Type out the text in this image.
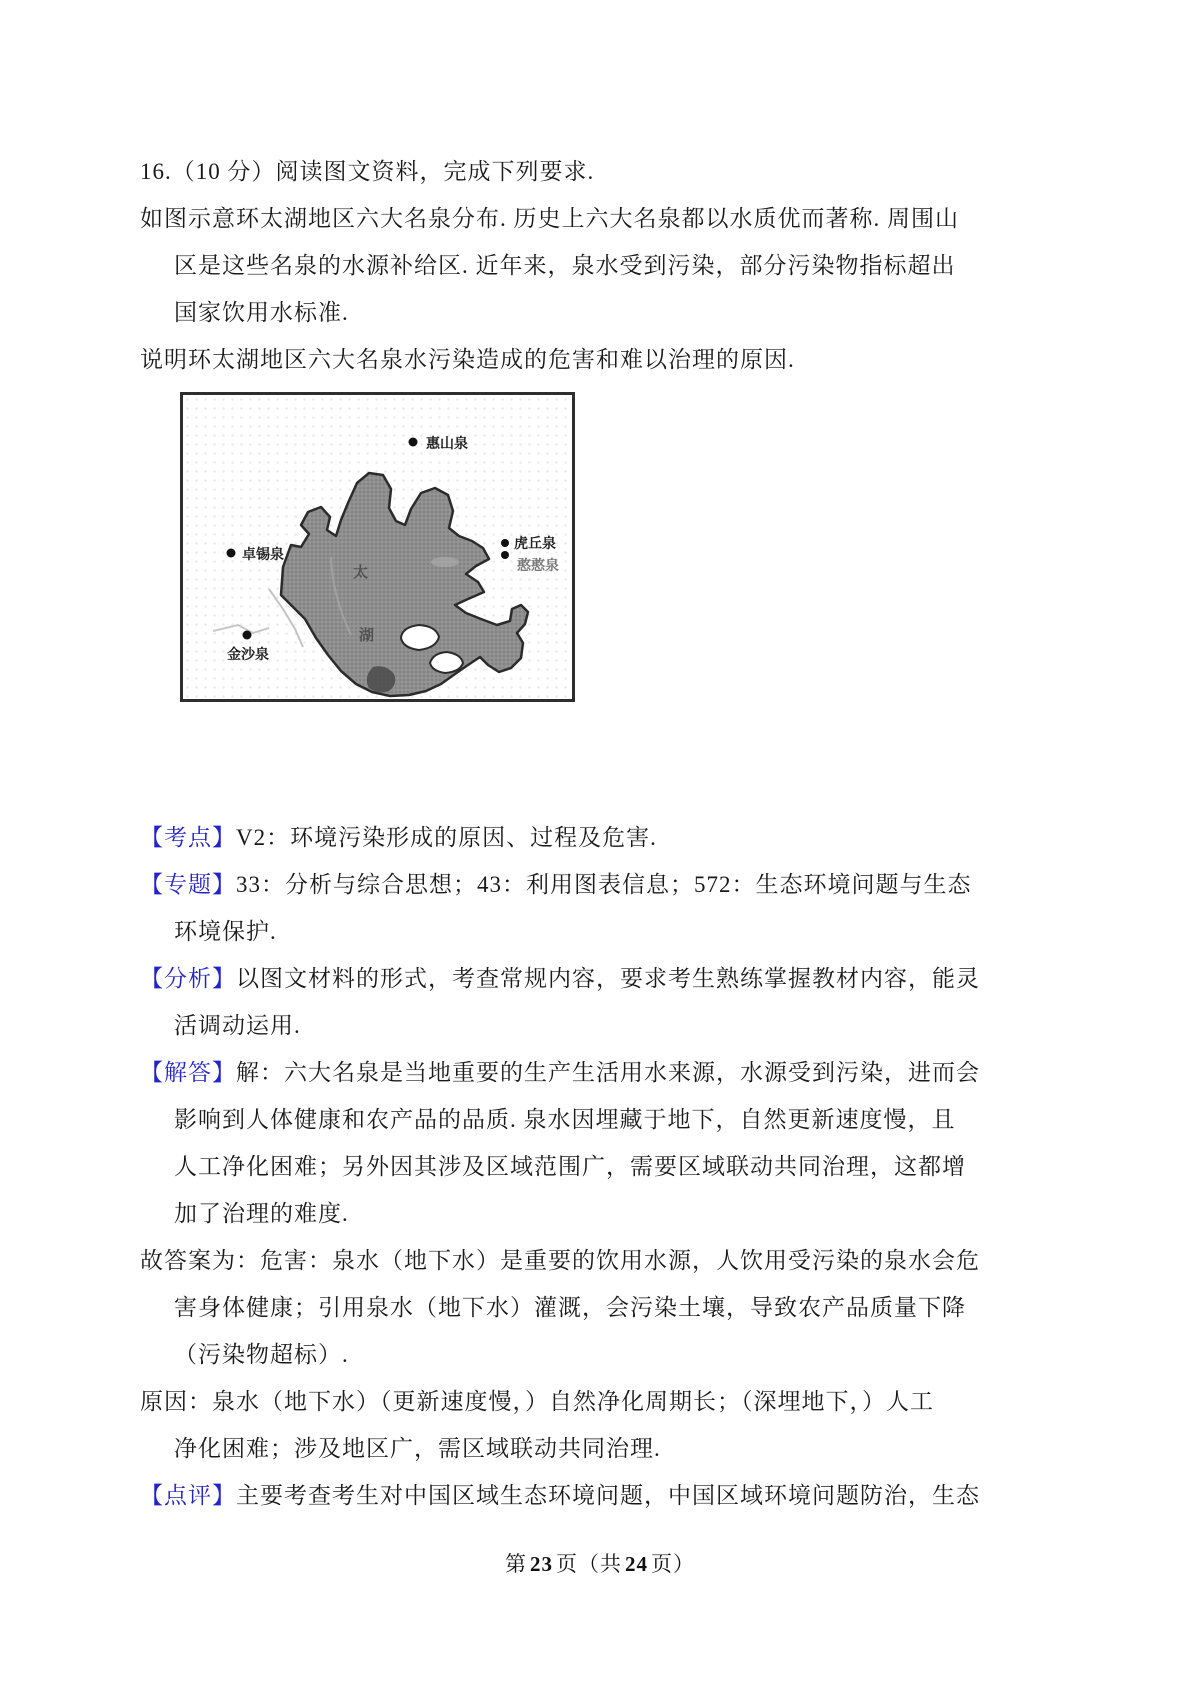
16.（10 分）阅读图文资料，完成下列要求.

如图示意环太湖地区六大名泉分布. 历史上六大名泉都以水质优而著称. 周围山

区是这些名泉的水源补给区. 近年来，泉水受到污染，部分污染物指标超出

国家饮用水标准.

说明环太湖地区六大名泉水污染造成的危害和难以治理的原因.

太
湖
惠山泉
虎丘泉
憨憨泉
卓锡泉
金沙泉

【考点】V2：环境污染形成的原因、过程及危害.

【专题】33：分析与综合思想；43：利用图表信息；572：生态环境问题与生态

环境保护.

【分析】以图文材料的形式，考查常规内容，要求考生熟练掌握教材内容，能灵

活调动运用.

【解答】解：六大名泉是当地重要的生产生活用水来源，水源受到污染，进而会

影响到人体健康和农产品的品质. 泉水因埋藏于地下，自然更新速度慢，且

人工净化困难；另外因其涉及区域范围广，需要区域联动共同治理，这都增

加了治理的难度.

故答案为：危害：泉水（地下水）是重要的饮用水源，人饮用受污染的泉水会危

害身体健康；引用泉水（地下水）灌溉，会污染土壤，导致农产品质量下降

（污染物超标）.

原因：泉水（地下水）（更新速度慢，）自然净化周期长；（深埋地下，）人工

净化困难；涉及地区广，需区域联动共同治理.

【点评】主要考查考生对中国区域生态环境问题，中国区域环境问题防治，生态

第 23 页（共 24 页）
